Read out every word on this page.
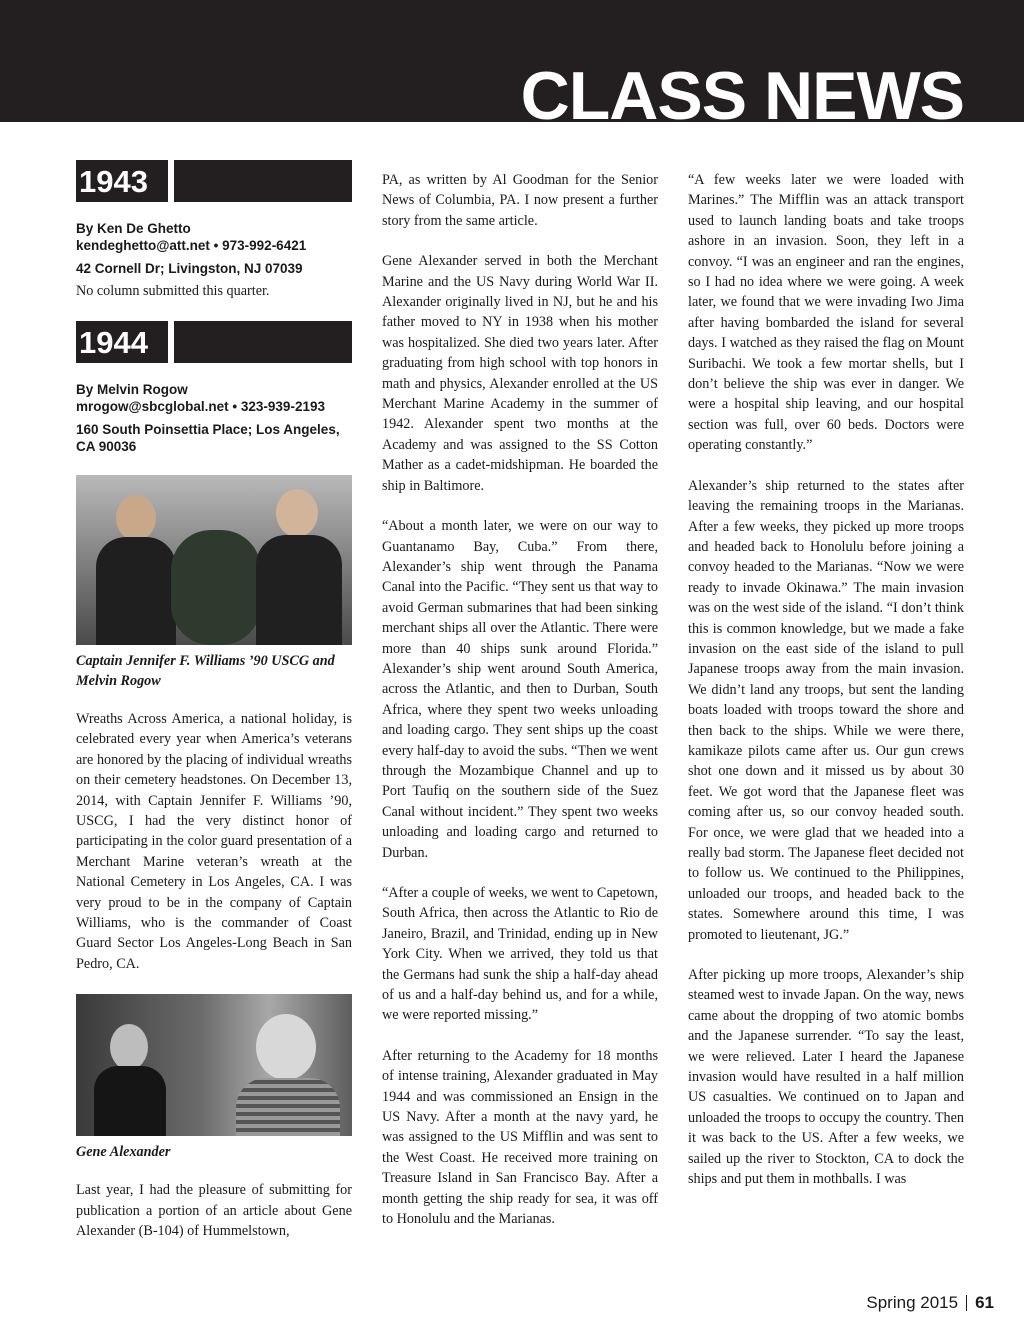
CLASS NEWS
1943

By Ken De Ghetto

kendeghetto@att.net • 973-992-6421

42 Cornell Dr; Livingston, NJ 07039

No column submitted this quarter.

1944

By Melvin Rogow

mrogow@sbcglobal.net • 323-939-2193

160 South Poinsettia Place; Los Angeles, CA 90036

Captain Jennifer F. Williams ’90 USCG and Melvin Rogow

Wreaths Across America, a national holiday, is celebrated every year when America’s veterans are honored by the placing of individual wreaths on their cemetery headstones. On December 13, 2014, with Captain Jennifer F. Williams ’90, USCG, I had the very distinct honor of participating in the color guard presentation of a Merchant Marine veteran’s wreath at the National Cemetery in Los Angeles, CA. I was very proud to be in the company of Captain Williams, who is the commander of Coast Guard Sector Los Angeles-Long Beach in San Pedro, CA.

Gene Alexander

Last year, I had the pleasure of submitting for publication a portion of an article about Gene Alexander (B-104) of Hummelstown,

PA, as written by Al Goodman for the Senior News of Columbia, PA. I now present a further story from the same article.

Gene Alexander served in both the Merchant Marine and the US Navy during World War II. Alexander originally lived in NJ, but he and his father moved to NY in 1938 when his mother was hospitalized. She died two years later. After graduating from high school with top honors in math and physics, Alexander enrolled at the US Merchant Marine Academy in the summer of 1942. Alexander spent two months at the Academy and was assigned to the SS Cotton Mather as a cadet-midshipman. He boarded the ship in Baltimore.

“About a month later, we were on our way to Guantanamo Bay, Cuba.” From there, Alexander’s ship went through the Panama Canal into the Pacific. “They sent us that way to avoid German submarines that had been sinking merchant ships all over the Atlantic. There were more than 40 ships sunk around Florida.” Alexander’s ship went around South America, across the Atlantic, and then to Durban, South Africa, where they spent two weeks unloading and loading cargo. They sent ships up the coast every half-day to avoid the subs. “Then we went through the Mozambique Channel and up to Port Taufiq on the southern side of the Suez Canal without incident.” They spent two weeks unloading and loading cargo and returned to Durban.

“After a couple of weeks, we went to Capetown, South Africa, then across the Atlantic to Rio de Janeiro, Brazil, and Trinidad, ending up in New York City. When we arrived, they told us that the Germans had sunk the ship a half-day ahead of us and a half-day behind us, and for a while, we were reported missing.”

After returning to the Academy for 18 months of intense training, Alexander graduated in May 1944 and was commissioned an Ensign in the US Navy. After a month at the navy yard, he was assigned to the US Mifflin and was sent to the West Coast. He received more training on Treasure Island in San Francisco Bay. After a month getting the ship ready for sea, it was off to Honolulu and the Marianas.

“A few weeks later we were loaded with Marines.” The Mifflin was an attack transport used to launch landing boats and take troops ashore in an invasion. Soon, they left in a convoy. “I was an engineer and ran the engines, so I had no idea where we were going. A week later, we found that we were invading Iwo Jima after having bombarded the island for several days. I watched as they raised the flag on Mount Suribachi. We took a few mortar shells, but I don’t believe the ship was ever in danger. We were a hospital ship leaving, and our hospital section was full, over 60 beds. Doctors were operating constantly.”

Alexander’s ship returned to the states after leaving the remaining troops in the Marianas. After a few weeks, they picked up more troops and headed back to Honolulu before joining a convoy headed to the Marianas. “Now we were ready to invade Okinawa.” The main invasion was on the west side of the island. “I don’t think this is common knowledge, but we made a fake invasion on the east side of the island to pull Japanese troops away from the main invasion. We didn’t land any troops, but sent the landing boats loaded with troops toward the shore and then back to the ships. While we were there, kamikaze pilots came after us. Our gun crews shot one down and it missed us by about 30 feet. We got word that the Japanese fleet was coming after us, so our convoy headed south. For once, we were glad that we headed into a really bad storm. The Japanese fleet decided not to follow us. We continued to the Philippines, unloaded our troops, and headed back to the states. Somewhere around this time, I was promoted to lieutenant, JG.”

After picking up more troops, Alexander’s ship steamed west to invade Japan. On the way, news came about the dropping of two atomic bombs and the Japanese surrender. “To say the least, we were relieved. Later I heard the Japanese invasion would have resulted in a half million US casualties. We continued on to Japan and unloaded the troops to occupy the country. Then it was back to the US. After a few weeks, we sailed up the river to Stockton, CA to dock the ships and put them in mothballs. I was

Spring 2015 61
